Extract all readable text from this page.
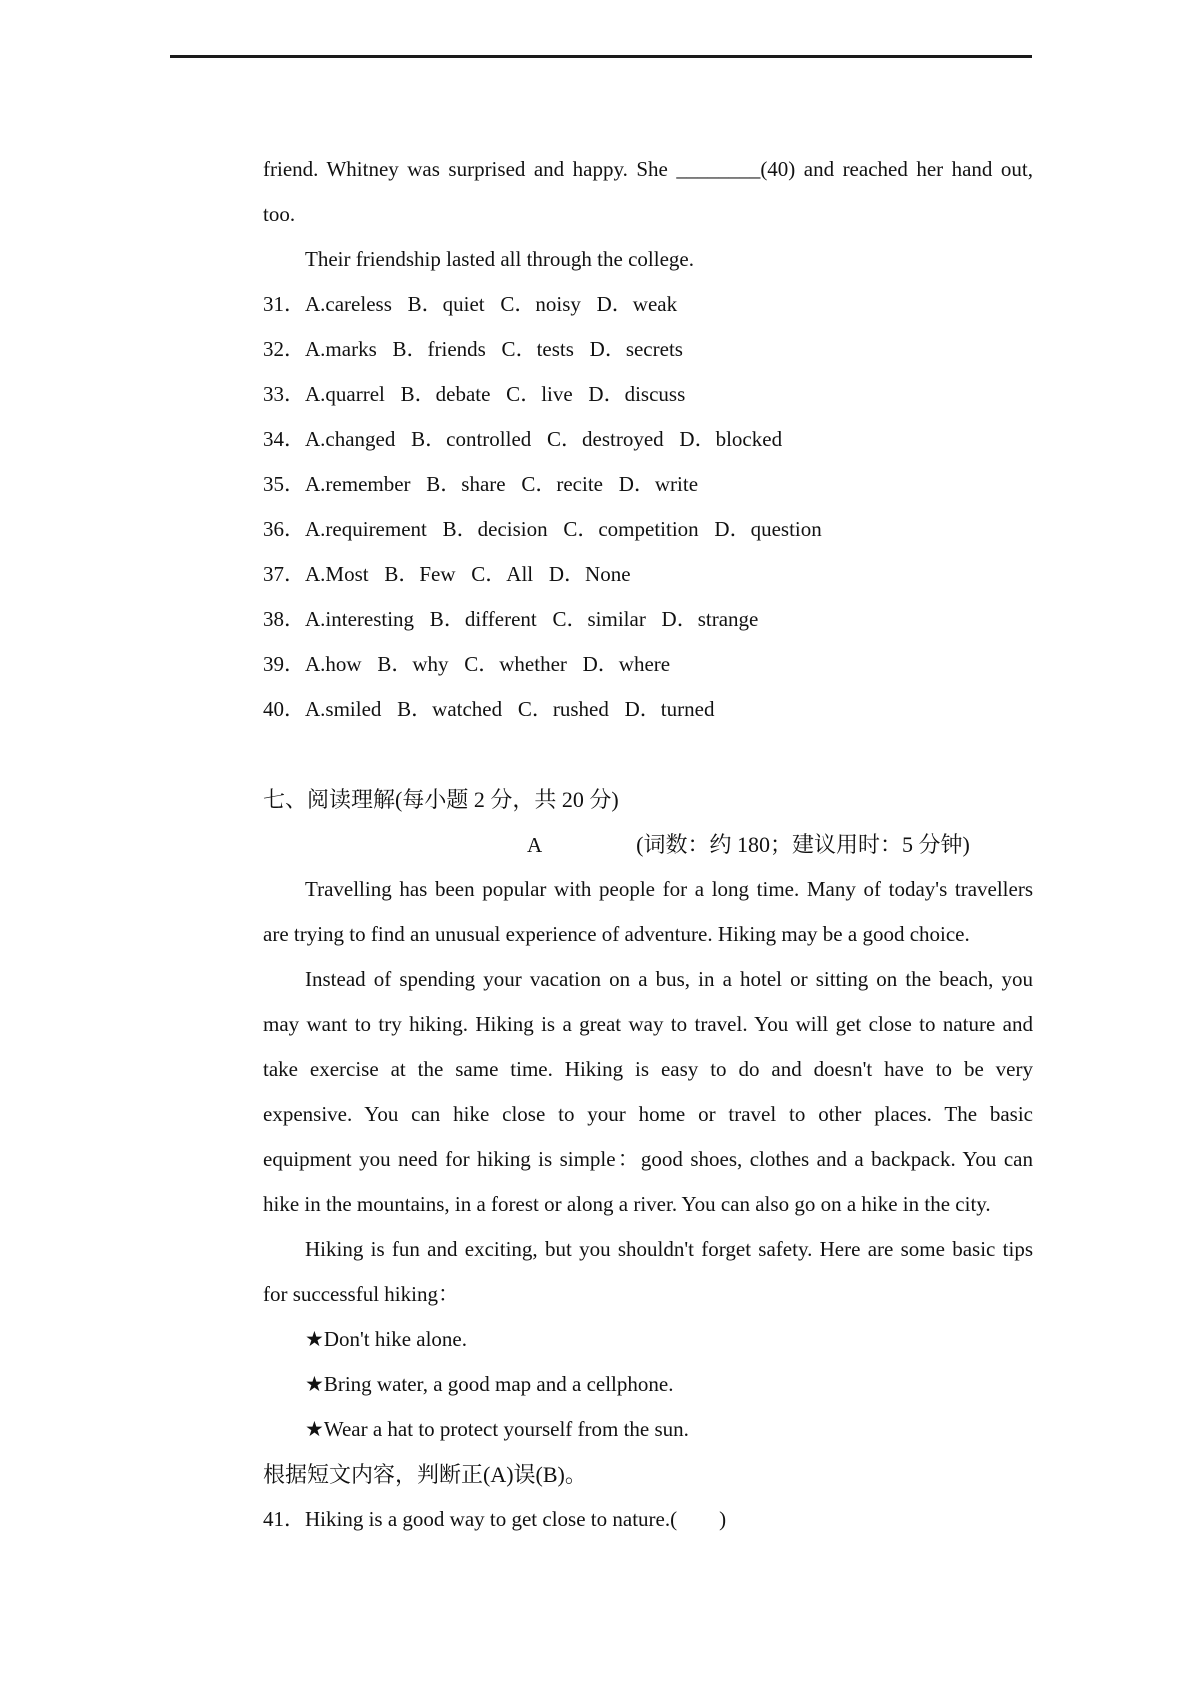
friend. Whitney was surprised and happy. She ________(40) and reached her hand out,
too.
Their friendship lasted all through the college.
31．A.careless   B．quiet   C．noisy   D．weak
32．A.marks   B．friends   C．tests   D．secrets
33．A.quarrel   B．debate   C．live   D．discuss
34．A.changed   B．controlled   C．destroyed   D．blocked
35．A.remember   B．share   C．recite   D．write
36．A.requirement   B．decision   C．competition   D．question
37．A.Most   B．Few   C．All   D．None
38．A.interesting   B．different   C．similar   D．strange
39．A.how   B．why   C．whether   D．where
40．A.smiled   B．watched   C．rushed   D．turned
七、阅读理解(每小题 2 分，共 20 分)
A	(词数：约 180；建议用时：5 分钟)
Travelling has been popular with people for a long time. Many of today's travellers
are trying to find an unusual experience of adventure. Hiking may be a good choice.
Instead of spending your vacation on a bus, in a hotel or sitting on the beach, you
may want to try hiking. Hiking is a great way to travel. You will get close to nature and
take exercise at the same time. Hiking is easy to do and doesn't have to be very
expensive. You can hike close to your home or travel to other places. The basic
equipment you need for hiking is simple：good shoes, clothes and a backpack. You can
hike in the mountains, in a forest or along a river. You can also go on a hike in the city.
Hiking is fun and exciting, but you shouldn't forget safety. Here are some basic tips
for successful hiking：
★Don't hike alone.
★Bring water, a good map and a cellphone.
★Wear a hat to protect yourself from the sun.
根据短文内容，判断正(A)误(B)。
41．Hiking is a good way to get close to nature.(        )
